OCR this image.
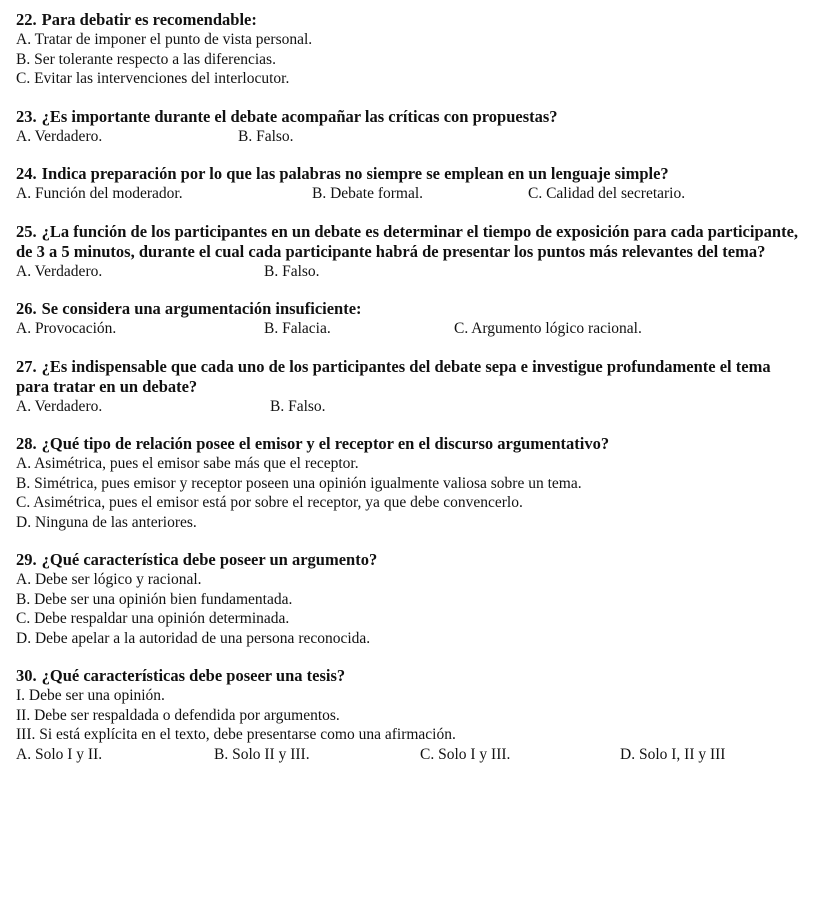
22. Para debatir es recomendable:

A. Tratar de imponer el punto de vista personal.

B. Ser tolerante respecto a las diferencias.

C. Evitar las intervenciones del interlocutor.

23. ¿Es importante durante el debate acompañar las críticas con propuestas?

A. Verdadero.	B. Falso.

24. Indica preparación por lo que las palabras no siempre se emplean en un lenguaje simple?

A. Función del moderador.	B. Debate formal.	C. Calidad del secretario.

25. ¿La función de los participantes en un debate es determinar el tiempo de exposición para cada participante, de 3 a 5 minutos, durante el cual cada participante habrá de presentar los puntos más relevantes del tema?

A. Verdadero.	B. Falso.

26. Se considera una argumentación insuficiente:

A. Provocación.	B. Falacia.	C. Argumento lógico racional.

27. ¿Es indispensable que cada uno de los participantes del debate sepa e investigue profundamente el tema para tratar en un debate?

A. Verdadero.	B. Falso.

28. ¿Qué tipo de relación posee el emisor y el receptor en el discurso argumentativo?

A. Asimétrica, pues el emisor sabe más que el receptor.

B. Simétrica, pues emisor y receptor poseen una opinión igualmente valiosa sobre un tema.

C. Asimétrica, pues el emisor está por sobre el receptor, ya que debe convencerlo.

D. Ninguna de las anteriores.

29. ¿Qué característica debe poseer un argumento?

A. Debe ser lógico y racional.

B. Debe ser una opinión bien fundamentada.

C. Debe respaldar una opinión determinada.

D. Debe apelar a la autoridad de una persona reconocida.

30. ¿Qué características debe poseer una tesis?

I. Debe ser una opinión.

II. Debe ser respaldada o defendida por argumentos.

III. Si está explícita en el texto, debe presentarse como una afirmación.

A. Solo I y II.	B. Solo II y III.	C. Solo I y III.	D. Solo I, II y III
